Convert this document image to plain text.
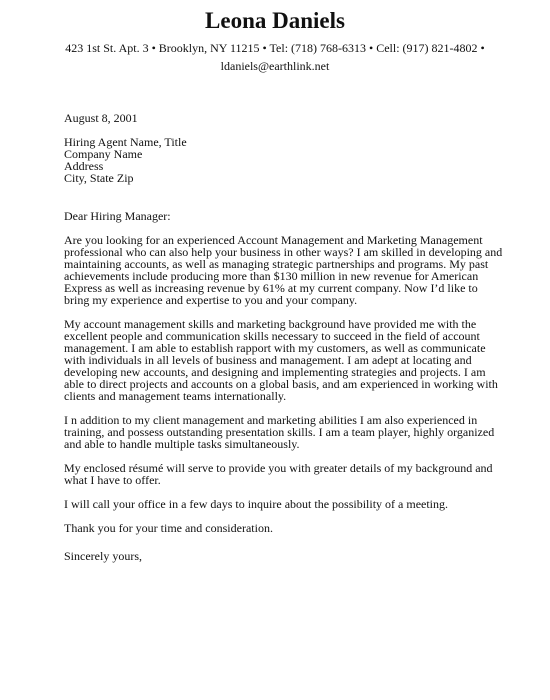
Leona Daniels
423 1st St. Apt. 3 • Brooklyn, NY 11215 • Tel: (718) 768-6313 • Cell: (917) 821-4802 •
ldaniels@earthlink.net
August 8, 2001
Hiring Agent Name, Title
Company Name
Address
City, State Zip
Dear Hiring Manager:

Are you looking for an experienced Account Management and Marketing Management professional who can also help your business in other ways? I am skilled in developing and maintaining accounts, as well as managing strategic partnerships and programs. My past achievements include producing more than $130 million in new revenue for American Express as well as increasing revenue by 61% at my current company. Now I’d like to bring my experience and expertise to you and your company.

My account management skills and marketing background have provided me with the excellent people and communication skills necessary to succeed in the field of account management. I am able to establish rapport with my customers, as well as communicate with individuals in all levels of business and management. I am adept at locating and developing new accounts, and designing and implementing strategies and projects. I am able to direct projects and accounts on a global basis, and am experienced in working with clients and management teams internationally.

I n addition to my client management and marketing abilities I am also experienced in training, and possess outstanding presentation skills. I am a team player, highly organized and able to handle multiple tasks simultaneously.

My enclosed résumé will serve to provide you with greater details of my background and what I have to offer.

I will call your office in a few days to inquire about the possibility of a meeting.

Thank you for your time and consideration.

Sincerely yours,
